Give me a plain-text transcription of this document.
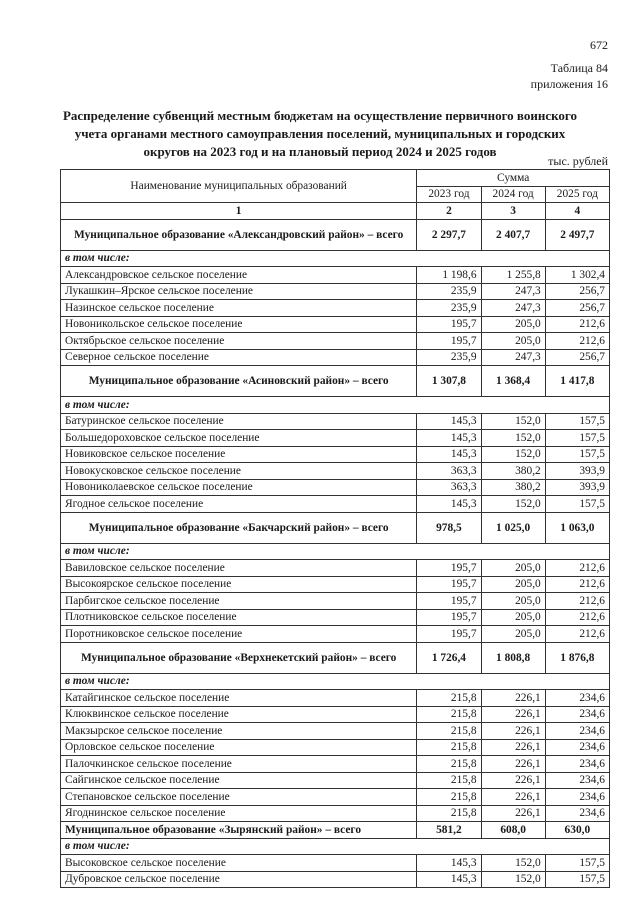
672
Таблица 84
приложения 16
Распределение субвенций местным бюджетам на осуществление первичного воинского учета органами местного самоуправления поселений, муниципальных и городских округов на 2023 год и на плановый период 2024 и 2025 годов
тыс. рублей
Наименование муниципальных образований	Сумма		
	2023 год	2024 год	2025 год
1	2	3	4
Муниципальное образование «Александровский район» – всего	2 297,7	2 407,7	2 497,7
в том числе:			
Александровское сельское поселение	1 198,6	1 255,8	1 302,4
Лукашкин–Ярское сельское поселение	235,9	247,3	256,7
Назинское сельское поселение	235,9	247,3	256,7
Новоникольское сельское поселение	195,7	205,0	212,6
Октябрьское сельское поселение	195,7	205,0	212,6
Северное сельское поселение	235,9	247,3	256,7
Муниципальное образование «Асиновский район» – всего	1 307,8	1 368,4	1 417,8
в том числе:			
Батуринское сельское поселение	145,3	152,0	157,5
Большедороховское сельское поселение	145,3	152,0	157,5
Новиковское сельское поселение	145,3	152,0	157,5
Новокусковское сельское поселение	363,3	380,2	393,9
Новониколаевское сельское поселение	363,3	380,2	393,9
Ягодное сельское поселение	145,3	152,0	157,5
Муниципальное образование «Бакчарский район» – всего	978,5	1 025,0	1 063,0
в том числе:			
Вавиловское сельское поселение	195,7	205,0	212,6
Высокоярское сельское поселение	195,7	205,0	212,6
Парбигское сельское поселение	195,7	205,0	212,6
Плотниковское сельское поселение	195,7	205,0	212,6
Поротниковское сельское поселение	195,7	205,0	212,6
Муниципальное образование «Верхнекетский район» – всего	1 726,4	1 808,8	1 876,8
в том числе:			
Катайгинское сельское поселение	215,8	226,1	234,6
Клюквинское сельское поселение	215,8	226,1	234,6
Макзырское сельское поселение	215,8	226,1	234,6
Орловское сельское поселение	215,8	226,1	234,6
Палочкинское сельское поселение	215,8	226,1	234,6
Сайгинское сельское поселение	215,8	226,1	234,6
Степановское сельское поселение	215,8	226,1	234,6
Ягоднинское сельское поселение	215,8	226,1	234,6
Муниципальное образование «Зырянский район» – всего	581,2	608,0	630,0
в том числе:			
Высоковское сельское поселение	145,3	152,0	157,5
Дубровское сельское поселение	145,3	152,0	157,5
